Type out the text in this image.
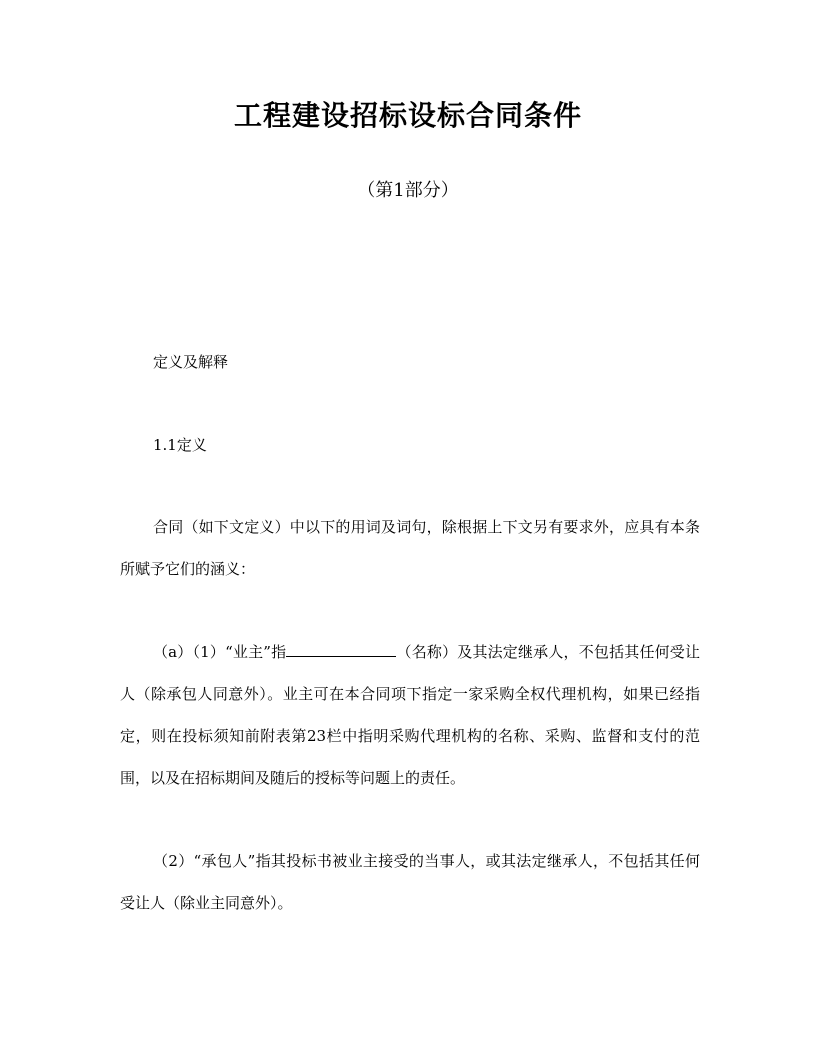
工程建设招标设标合同条件
（第1部分）

定义及解释

1.1定义

合同（如下文定义）中以下的用词及词句，除根据上下文另有要求外，应具有本条所赋予它们的涵义：

（a）（1）“业主”指	（名称）及其法定继承人，不包括其任何受让人（除承包人同意外）。业主可在本合同项下指定一家采购全权代理机构，如果已经指定，则在投标须知前附表第23栏中指明采购代理机构的名称、采购、监督和支付的范围，以及在招标期间及随后的授标等问题上的责任。

（2）“承包人”指其投标书被业主接受的当事人，或其法定继承人，不包括其任何受让人（除业主同意外）。
